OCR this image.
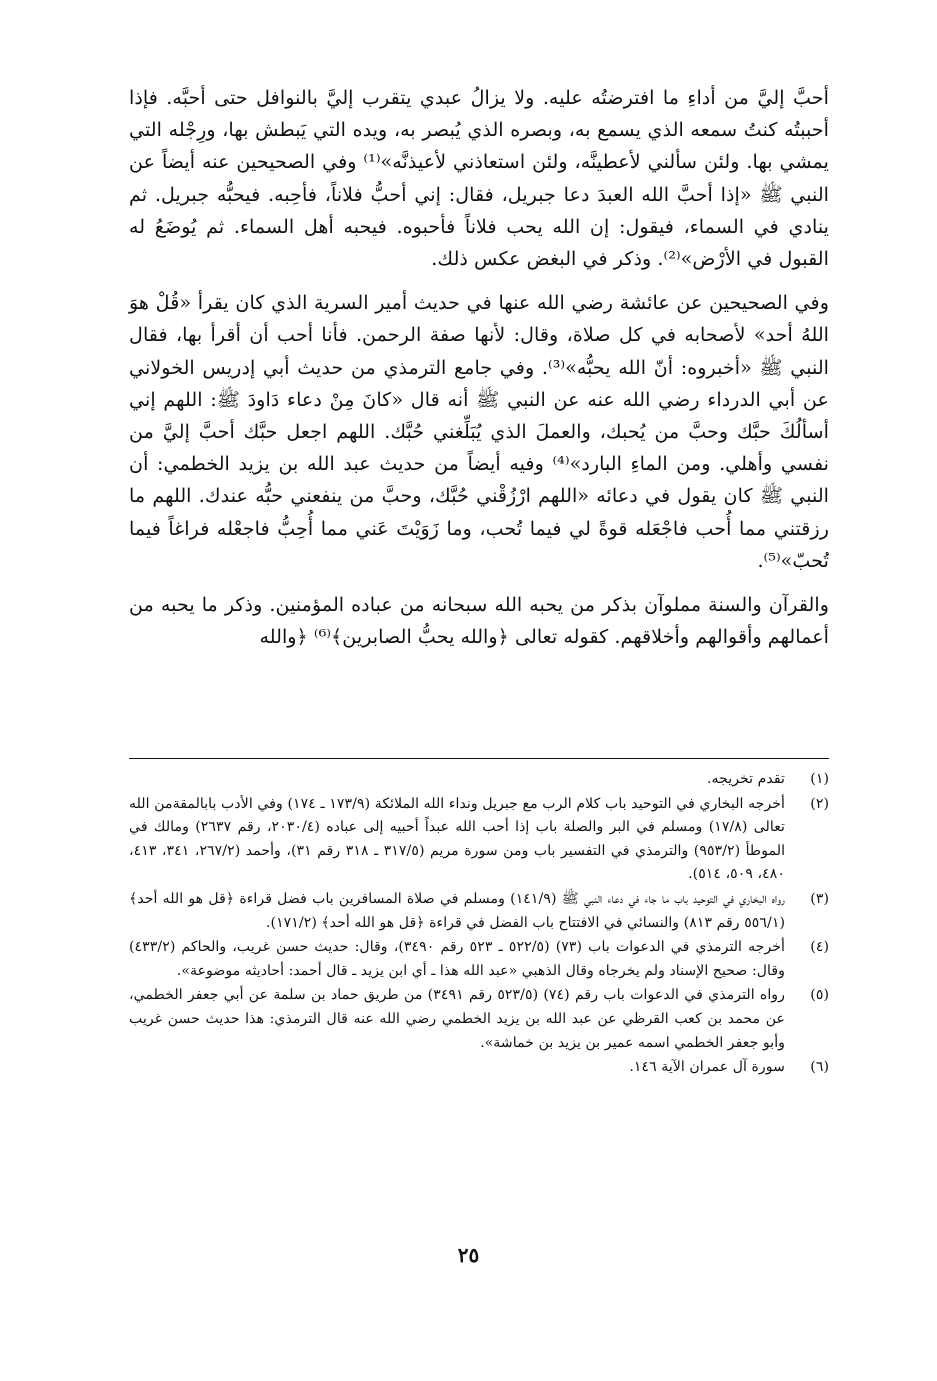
أحبَّ إليَّ من أداءِ ما افترضتُه عليه. ولا يزالُ عبدي يتقرب إليَّ بالنوافل حتى أحبَّه. فإذا أحببتُه كنتُ سمعه الذي يسمع به، وبصره الذي يُبصر به، ويده التي يَبطش بها، ورِجْله التي يمشي بها. ولئن سألني لأعطينَّه، ولئن استعاذني لأعيذنَّه»⁽¹⁾ وفي الصحيحين عنه أيضاً عن النبي ﷺ «إذا أحبَّ الله العبدَ دعا جبريل، فقال: إني أحبُّ فلاناً، فأحِبه. فيحبُّه جبريل. ثم ينادي في السماء، فيقول: إن الله يحب فلاناً فأحبوه. فيحبه أهل السماء. ثم يُوضَعُ له القبول في الأرْض»⁽²⁾. وذكر في البغض عكس ذلك.

وفي الصحيحين عن عائشة رضي الله عنها في حديث أمير السرية الذي كان يقرأ «قُلْ هوَ اللهُ أحد» لأصحابه في كل صلاة، وقال: لأنها صفة الرحمن. فأنا أحب أن أقرأ بها، فقال النبي ﷺ «أخبروه: أنّ الله يحبُّه»⁽³⁾. وفي جامع الترمذي من حديث أبي إدريس الخولاني عن أبي الدرداء رضي الله عنه عن النبي ﷺ أنه قال «كانَ مِنْ دعاء دَاودَ ﷺ: اللهم إني أسألُكَ حبَّك وحبَّ من يُحبك، والعملَ الذي يُبَلِّغني حُبَّك. اللهم اجعل حبَّك أحبَّ إليَّ من نفسي وأهلي. ومن الماءِ البارد»⁽⁴⁾ وفيه أيضاً من حديث عبد الله بن يزيد الخطمي: أن النبي ﷺ كان يقول في دعائه «اللهم ارْزُقْني حُبَّك، وحبَّ من ينفعني حبُّه عندك. اللهم ما رزقتني مما أُحب فاجْعَله قوةً لي فيما تُحب، وما زَوَيْتَ عَني مما أُحِبُّ فاجعْله فراغاً فيما تُحبّ»⁽⁵⁾.

والقرآن والسنة مملوآن بذكر من يحبه الله سبحانه من عباده المؤمنين. وذكر ما يحبه من أعمالهم وأقوالهم وأخلاقهم. كقوله تعالى ﴿والله يحبُّ الصابرين﴾⁽⁶⁾ ﴿والله

(١)
تقدم تخريجه.
(٢)
أخرجه البخاري في التوحيد باب كلام الرب مع جبريل ونداء الله الملائكة (١٧٣/٩ ـ ١٧٤) وفي الأدب بابالمقةمن الله تعالى (١٧/٨) ومسلم في البر والصلة باب إذا أحب الله عبداً أحبيه إلى عباده (٢٠٣٠/٤، رقم ٢٦٣٧) ومالك في الموطأ (٩٥٣/٢) والترمذي في التفسير باب ومن سورة مريم (٣١٧/٥ ـ ٣١٨ رقم ٣١)، وأحمد (٢٦٧/٢، ٣٤١، ٤١٣، ٤٨٠، ٥٠٩، ٥١٤).
(٣)
رواه البخاري في التوحيد باب ما جاء في دعاء النبي ﷺ (١٤١/٩) ومسلم في صلاة المسافرين باب فضل قراءة ﴿قل هو الله أحد﴾ (٥٥٦/١ رقم ٨١٣) والنسائي في الافتتاح باب الفضل في قراءة ﴿قل هو الله أحد﴾ (١٧١/٢).
(٤)
أخرجه الترمذي في الدعوات باب (٧٣) (٥٢٢/٥ ـ ٥٢٣ رقم ٣٤٩٠)، وقال: حديث حسن غريب، والحاكم (٤٣٣/٢) وقال: صحيح الإسناد ولم يخرجاه وقال الذهبي «عبد الله هذا ـ أي ابن يزيد ـ قال أحمد: أحاديثه موضوعة».
(٥)
رواه الترمذي في الدعوات باب رقم (٧٤) (٥٢٣/٥ رقم ٣٤٩١) من طريق حماد بن سلمة عن أبي جعفر الخطمي، عن محمد بن كعب القرظي عن عبد الله بن يزيد الخطمي رضي الله عنه قال الترمذي: هذا حديث حسن غريب وأبو جعفر الخطمي اسمه عمير بن يزيد بن خماشة».
(٦)
سورة آل عمران الآية ١٤٦.
٢٥
